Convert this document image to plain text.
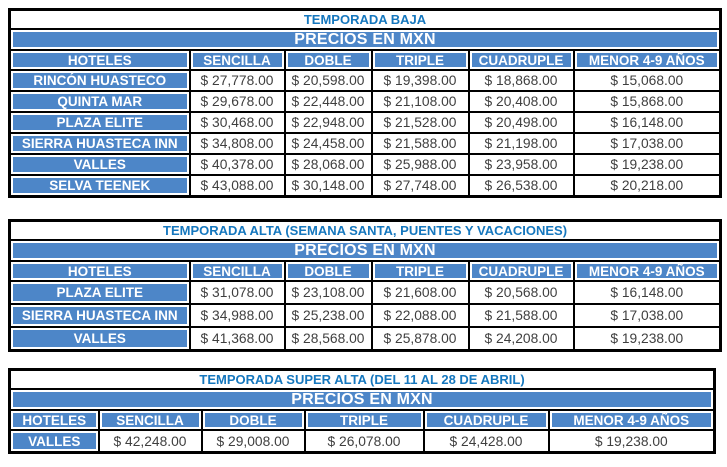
TEMPORADA BAJA					
PRECIOS EN MXN					
HOTELES	SENCILLA	DOBLE	TRIPLE	CUADRUPLE	MENOR 4-9 AÑOS
RINCÓN HUASTECO	$ 27,778.00	$ 20,598.00	$ 19,398.00	$ 18,868.00	$ 15,068.00
QUINTA MAR	$ 29,678.00	$ 22,448.00	$ 21,108.00	$ 20,408.00	$ 15,868.00
PLAZA ELITE	$ 30,468.00	$ 22,948.00	$ 21,528.00	$ 20,498.00	$ 16,148.00
SIERRA HUASTECA INN	$ 34,808.00	$ 24,458.00	$ 21,588.00	$ 21,198.00	$ 17,038.00
VALLES	$ 40,378.00	$ 28,068.00	$ 25,988.00	$ 23,958.00	$ 19,238.00
SELVA TEENEK	$ 43,088.00	$ 30,148.00	$ 27,748.00	$ 26,538.00	$ 20,218.00
TEMPORADA ALTA (SEMANA SANTA, PUENTES Y VACACIONES)					
PRECIOS EN MXN					
HOTELES	SENCILLA	DOBLE	TRIPLE	CUADRUPLE	MENOR 4-9 AÑOS
PLAZA ELITE	$ 31,078.00	$ 23,108.00	$ 21,608.00	$ 20,568.00	$ 16,148.00
SIERRA HUASTECA INN	$ 34,988.00	$ 25,238.00	$ 22,088.00	$ 21,588.00	$ 17,038.00
VALLES	$ 41,368.00	$ 28,568.00	$ 25,878.00	$ 24,208.00	$ 19,238.00
TEMPORADA SUPER ALTA (DEL 11 AL 28 DE ABRIL)					
PRECIOS EN MXN					
HOTELES	SENCILLA	DOBLE	TRIPLE	CUADRUPLE	MENOR 4-9 AÑOS
VALLES	$ 42,248.00	$ 29,008.00	$ 26,078.00	$ 24,428.00	$ 19,238.00
